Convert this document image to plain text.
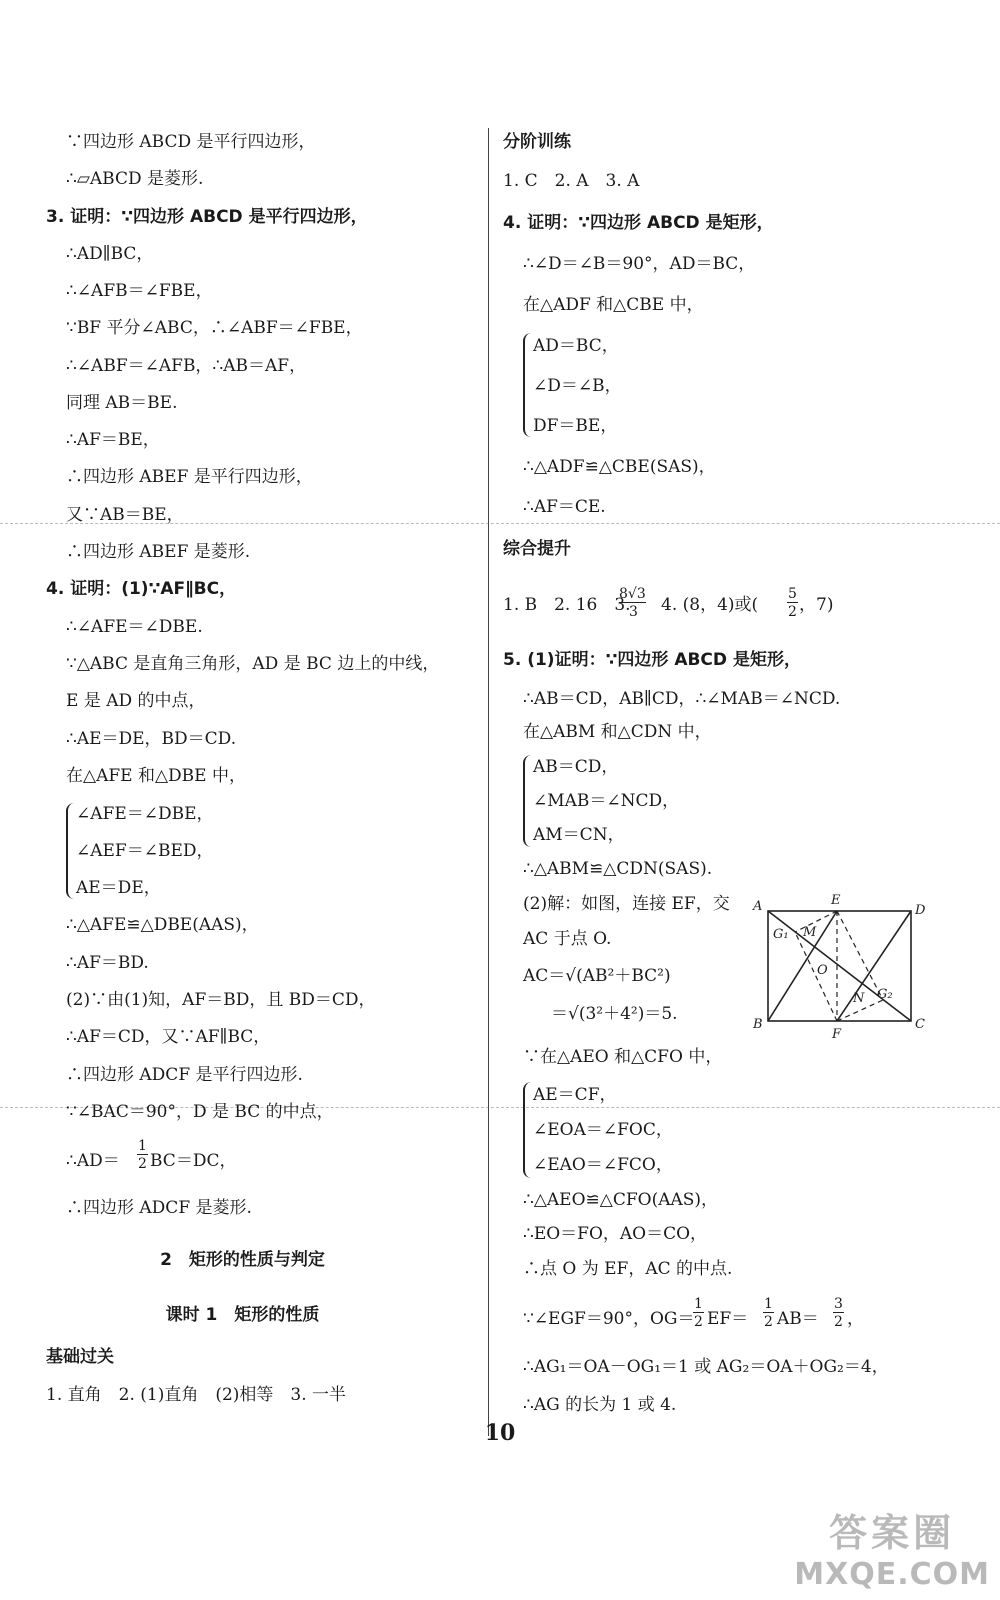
∵四边形 ABCD 是平行四边形，
∴▱ABCD 是菱形.
3. 证明：∵四边形 ABCD 是平行四边形，
∴AD∥BC，
∴∠AFB＝∠FBE，
∵BF 平分∠ABC，∴∠ABF＝∠FBE，
∴∠ABF＝∠AFB，∴AB＝AF，
同理 AB＝BE.
∴AF＝BE，
∴四边形 ABEF 是平行四边形，
又∵AB＝BE，
∴四边形 ABEF 是菱形.
4. 证明：(1)∵AF∥BC，
∴∠AFE＝∠DBE.
∵△ABC 是直角三角形，AD 是 BC 边上的中线，
E 是 AD 的中点，
∴AE＝DE，BD＝CD.
在△AFE 和△DBE 中，
∠AFE＝∠DBE，
∠AEF＝∠BED，
AE＝DE，
∴△AFE≌△DBE(AAS)，
∴AF＝BD.
(2)∵由(1)知，AF＝BD，且 BD＝CD，
∴AF＝CD，又∵AF∥BC，
∴四边形 ADCF 是平行四边形.
∵∠BAC＝90°，D 是 BC 的中点，
∴AD＝
1
2 BC＝DC，
∴四边形 ADCF 是菱形.
2　矩形的性质与判定
课时 1　矩形的性质
基础过关
1. 直角　2. (1)直角　(2)相等　3. 一半
分阶训练
1. C　2. A　3. A
4. 证明：∵四边形 ABCD 是矩形，
∴∠D＝∠B＝90°，AD＝BC，
在△ADF 和△CBE 中，
AD＝BC，
∠D＝∠B，
DF＝BE，
∴△ADF≌△CBE(SAS)，
∴AF＝CE.
综合提升
1. B　2. 16　3.
8√3
3 4. (8，4)或(
5
2 ，7)
5. (1)证明：∵四边形 ABCD 是矩形，
∴AB＝CD，AB∥CD，∴∠MAB＝∠NCD.
在△ABM 和△CDN 中，
AB＝CD，
∠MAB＝∠NCD，
AM＝CN，
∴△ABM≌△CDN(SAS).
(2)解：如图，连接 EF，交
AC 于点 O.
AC＝√(AB²＋BC²)
＝√(3²＋4²)＝5.
∵在△AEO 和△CFO 中，
AE＝CF，
∠EOA＝∠FOC，
∠EAO＝∠FCO，
∴△AEO≌△CFO(AAS)，
∴EO＝FO，AO＝CO，
∴点 O 为 EF，AC 的中点.
∵∠EGF＝90°，OG＝
1
2 EF＝
1
2 AB＝
3
2 ，
∴AG₁＝OA－OG₁＝1 或 AG₂＝OA＋OG₂＝4，
∴AG 的长为 1 或 4.
A	E
D
G₁ M
O
N G₂
B
F
C
10
答案圈
MXQE.COM
